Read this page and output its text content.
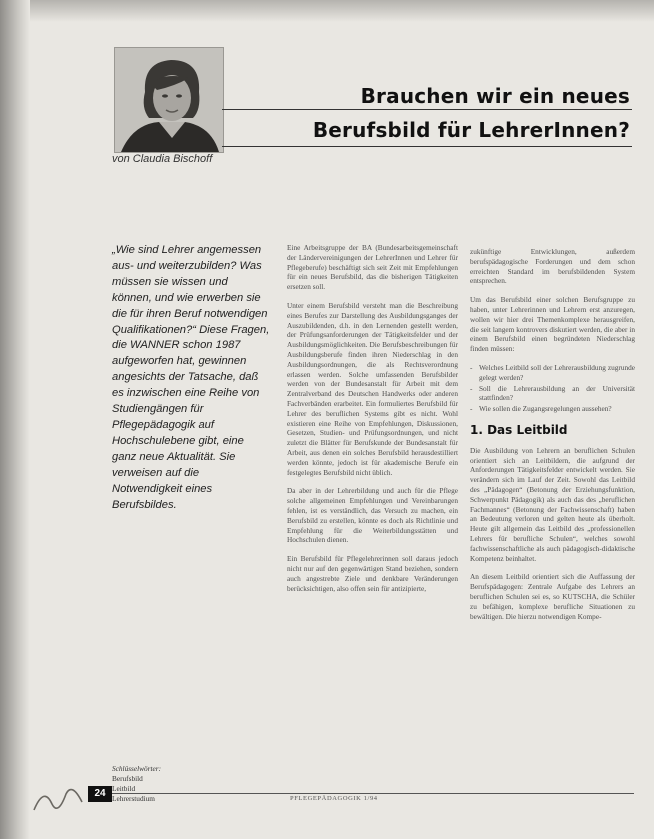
Brauchen wir ein neues
Berufsbild für LehrerInnen?
von Claudia Bischoff
„Wie sind Lehrer angemessen aus- und weiterzubilden? Was müssen sie wissen und können, und wie erwerben sie die für ihren Beruf notwendigen Qualifikationen?“ Diese Fragen, die WANNER schon 1987 aufgeworfen hat, gewinnen angesichts der Tatsache, daß es inzwischen eine Reihe von Studiengängen für Pflegepädagogik auf Hochschulebene gibt, eine ganz neue Aktualität. Sie verweisen auf die Notwendigkeit eines Berufsbildes.

Eine Arbeitsgruppe der BA (Bundesarbeitsgemeinschaft der Ländervereinigungen der LehrerInnen und Lehrer für Pflegeberufe) beschäftigt sich seit Zeit mit Empfehlungen für ein neues Berufsbild, das die bisherigen Tätigkeiten ersetzen soll.

Unter einem Berufsbild versteht man die Beschreibung eines Berufes zur Darstellung des Ausbildungsganges der Auszubildenden, d.h. in den Lernenden gestellt werden, der Prüfungsanforderungen der Tätigkeitsfelder und der Ausbildungsmöglichkeiten. Die Berufsbeschreibungen für Ausbildungsberufe finden ihren Niederschlag in den Ausbildungsordnungen, die als Rechtsverordnung erlassen werden. Solche umfassenden Berufsbilder werden von der Bundesanstalt für Arbeit mit dem Zentralverband des Deutschen Handwerks oder anderen Fachverbänden erarbeitet. Ein formuliertes Berufsbild für Lehrer des beruflichen Systems gibt es nicht. Wohl existieren eine Reihe von Empfehlungen, Diskussionen, Gesetzen, Studien- und Prüfungsordnungen, und nicht zuletzt die Blätter für Berufskunde der Bundesanstalt für Arbeit, aus denen ein solches Berufsbild herausdestilliert werden könnte, jedoch ist für akademische Berufe ein festgelegtes Berufsbild nicht üblich.

Da aber in der Lehrerbildung und auch für die Pflege solche allgemeinen Empfehlungen und Vereinbarungen fehlen, ist es verständlich, das Versuch zu machen, ein Berufsbild zu erstellen, könnte es doch als Richtlinie und Empfehlung für die Weiterbildungsstätten und Hochschulen dienen.

Ein Berufsbild für Pflegelehrerinnen soll daraus jedoch nicht nur auf den gegenwärtigen Stand beziehen, sondern auch angestrebte Ziele und denkbare Veränderungen berücksichtigen, also offen sein für antizipierte,

zukünftige Entwicklungen, außerdem berufspädagogische Forderungen und dem schon erreichten Standard im berufsbildenden System entsprechen.

Um das Berufsbild einer solchen Berufsgruppe zu haben, unter Lehrerinnen und Lehrern erst anzuregen, wollen wir hier drei Themenkomplexe herausgreifen, die seit langem kontrovers diskutiert werden, die aber in einem Berufsbild einen begründeten Niederschlag finden müssen:

- Welches Leitbild soll der Lehrerausbildung zugrunde gelegt werden?
- Soll die Lehrerausbildung an der Universität stattfinden?
- Wie sollen die Zugangsregelungen aussehen?
1. Das Leitbild

Die Ausbildung von Lehrern an beruflichen Schulen orientiert sich an Leitbildern, die aufgrund der Anforderungen Tätigkeitsfelder entwickelt werden. Sie verändern sich im Lauf der Zeit. Sowohl das Leitbild des „Pädagogen“ (Betonung der Erziehungsfunktion, Schwerpunkt Pädagogik) als auch das des „beruflichen Fachmannes“ (Betonung der Fachwissenschaft) haben an Bedeutung verloren und gelten heute als überholt. Heute gilt allgemein das Leitbild des „professionellen Lehrers für berufliche Schulen“, welches sowohl fachwissenschaftliche als auch pädagogisch-didaktische Kompetenz beinhaltet.

An diesem Leitbild orientiert sich die Auffassung der Berufspädagogen: Zentrale Aufgabe des Lehrers an beruflichen Schulen sei es, so KUTSCHA, die Schüler zu befähigen, komplexe berufliche Situationen zu bewältigen. Die hierzu notwendigen Kompe-

Schlüsselwörter:
Berufsbild
Leitbild
Lehrerstudium
24	PFLEGEPÄDAGOGIK 1/94
